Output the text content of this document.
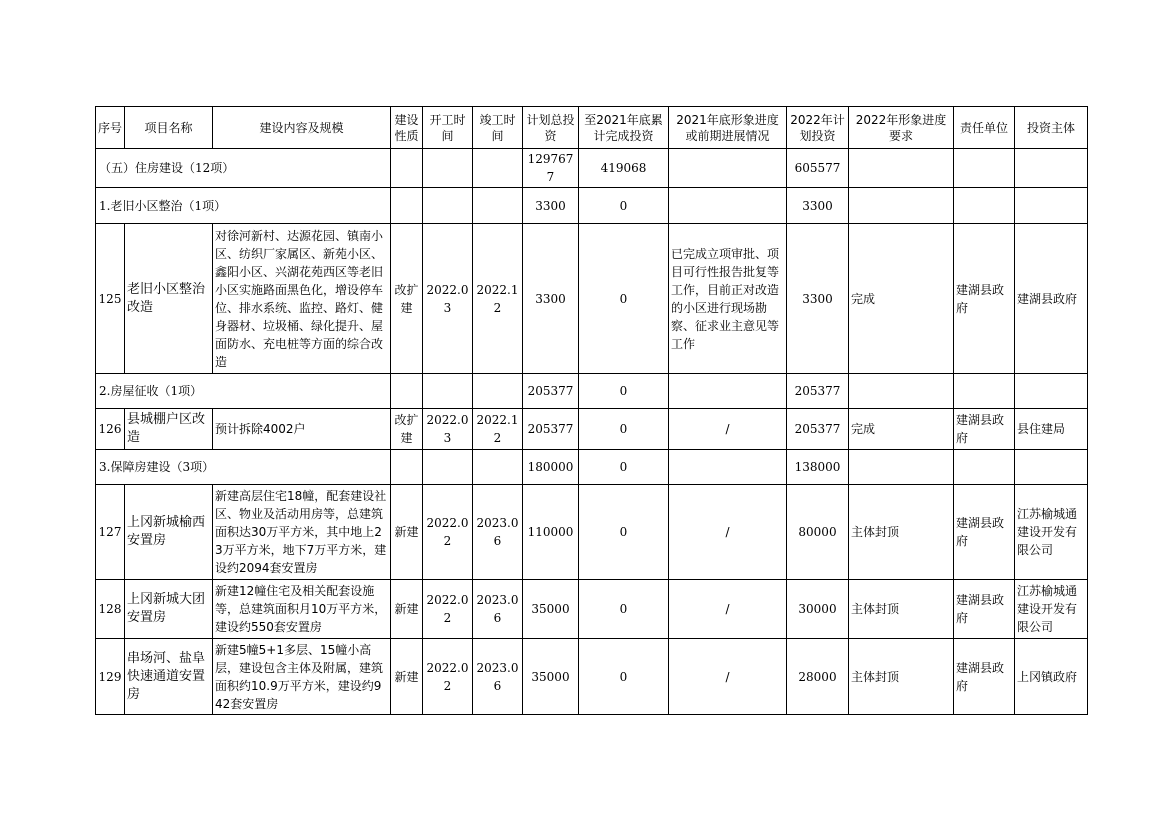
序号	项目名称	建设内容及规模	建设性质	开工时间	竣工时间	计划总投资	至2021年底累计完成投资	2021年底形象进度或前期进展情况	2022年计划投资	2022年形象进度要求	责任单位	投资主体
（五）住房建设（12项）						1297677	419068		605577			
1.老旧小区整治（1项）						3300	0		3300			
125	老旧小区整治改造	对徐河新村、达源花园、镇南小区、纺织厂家属区、新苑小区、鑫阳小区、兴湖花苑西区等老旧小区实施路面黑色化，增设停车位、排水系统、监控、路灯、健身器材、垃圾桶、绿化提升、屋面防水、充电桩等方面的综合改造	改扩建	2022.03	2022.12	3300	0	已完成立项审批、项目可行性报告批复等工作，目前正对改造的小区进行现场勘察、征求业主意见等工作	3300	完成	建湖县政府	建湖县政府
2.房屋征收（1项）						205377	0		205377			
126	县城棚户区改造	预计拆除4002户	改扩建	2022.03	2022.12	205377	0	/	205377	完成	建湖县政府	县住建局
3.保障房建设（3项）						180000	0		138000			
127	上冈新城榆西安置房	新建高层住宅18幢，配套建设社区、物业及活动用房等，总建筑面积达30万平方米，其中地上23万平方米，地下7万平方米，建设约2094套安置房	新建	2022.02	2023.06	110000	0	/	80000	主体封顶	建湖县政府	江苏榆城通建设开发有限公司
128	上冈新城大团安置房	新建12幢住宅及相关配套设施等，总建筑面积月10万平方米，建设约550套安置房	新建	2022.02	2023.06	35000	0	/	30000	主体封顶	建湖县政府	江苏榆城通建设开发有限公司
129	串场河、盐阜快速通道安置房	新建5幢5+1多层、15幢小高层，建设包含主体及附属，建筑面积约10.9万平方米，建设约942套安置房	新建	2022.02	2023.06	35000	0	/	28000	主体封顶	建湖县政府	上冈镇政府
